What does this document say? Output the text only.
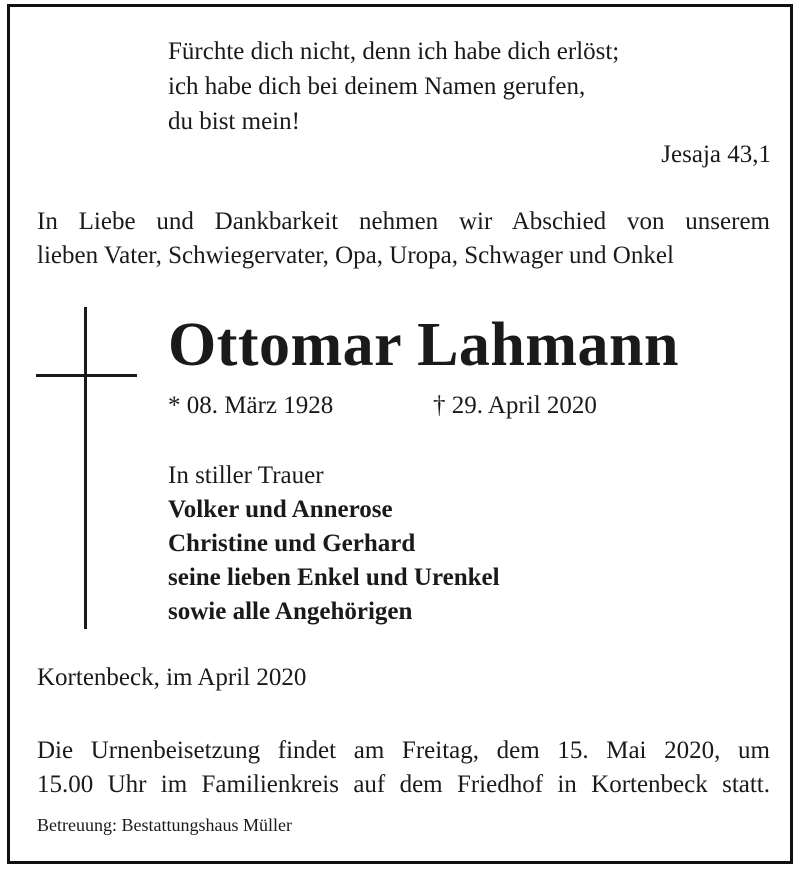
Fürchte dich nicht, denn ich habe dich erlöst;
ich habe dich bei deinem Namen gerufen,
du bist mein!
Jesaja 43,1
In Liebe und Dankbarkeit nehmen wir Abschied von unserem
lieben Vater, Schwiegervater, Opa, Uropa, Schwager und Onkel
Ottomar Lahmann
* 08. März 1928	† 29. April 2020
In stiller Trauer
Volker und Annerose
Christine und Gerhard
seine lieben Enkel und Urenkel
sowie alle Angehörigen
Kortenbeck, im April 2020
Die Urnenbeisetzung findet am Freitag, dem 15. Mai 2020, um
15.00 Uhr im Familienkreis auf dem Friedhof in Kortenbeck statt.
Betreuung: Bestattungshaus Müller
